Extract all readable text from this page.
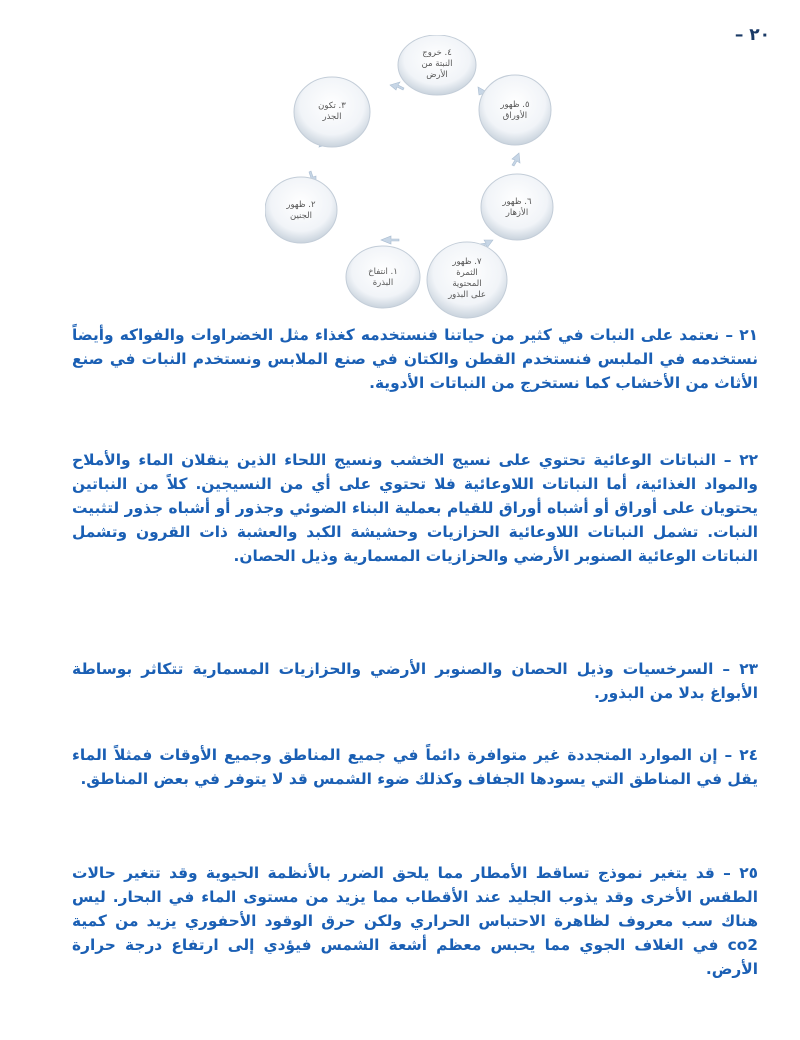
٢٠ –
١. انتفاخ
البذرة
٢. ظهور
الجنين
٣. تكون
الجذر
٤. خروج
النبتة من
الأرض
٥. ظهور
الأوراق
٦. ظهور
الأزهار
٧. ظهور
الثمرة
المحتوية
على البذور

٢١ – نعتمد على النبات في كثير من حياتنا فنستخدمه كغذاء مثل الخضراوات والفواكه وأيضاً نستخدمه في الملبس فنستخدم القطن والكتان في صنع الملابس ونستخدم النبات في صنع الأثاث من الأخشاب كما نستخرج من النباتات الأدوية.

٢٢ – النباتات الوعائية تحتوي على نسيج الخشب ونسيج اللحاء الذين ينقلان الماء والأملاح والمواد الغذائية، أما النباتات اللاوعائية فلا تحتوي على أي من النسيجين. كلاً من النباتين يحتويان على أوراق أو أشباه أوراق للقيام بعملية البناء الضوئي وجذور أو أشباه جذور لتثبيت النبات. تشمل النباتات اللاوعائية الحزازيات وحشيشة الكبد والعشبة ذات القرون وتشمل النباتات الوعائية الصنوبر الأرضي والحزازيات المسمارية وذيل الحصان.

٢٣ – السرخسيات وذيل الحصان والصنوبر الأرضي والحزازيات المسمارية تتكاثر بوساطة الأبواغ بدلا من البذور.

٢٤ – إن الموارد المتجددة غير متوافرة دائماً في جميع المناطق وجميع الأوقات فمثلاً الماء يقل في المناطق التي يسودها الجفاف وكذلك ضوء الشمس قد لا يتوفر في بعض المناطق.

٢٥ – قد يتغير نموذج تساقط الأمطار مما يلحق الضرر بالأنظمة الحيوية وقد تتغير حالات الطقس الأخرى وقد يذوب الجليد عند الأقطاب مما يزيد من مستوى الماء في البحار. ليس هناك سب معروف لظاهرة الاحتباس الحراري ولكن حرق الوقود الأحفوري يزيد من كمية co2 في الغلاف الجوي مما يحبس معظم أشعة الشمس فيؤدي إلى ارتفاع درجة حرارة الأرض.
